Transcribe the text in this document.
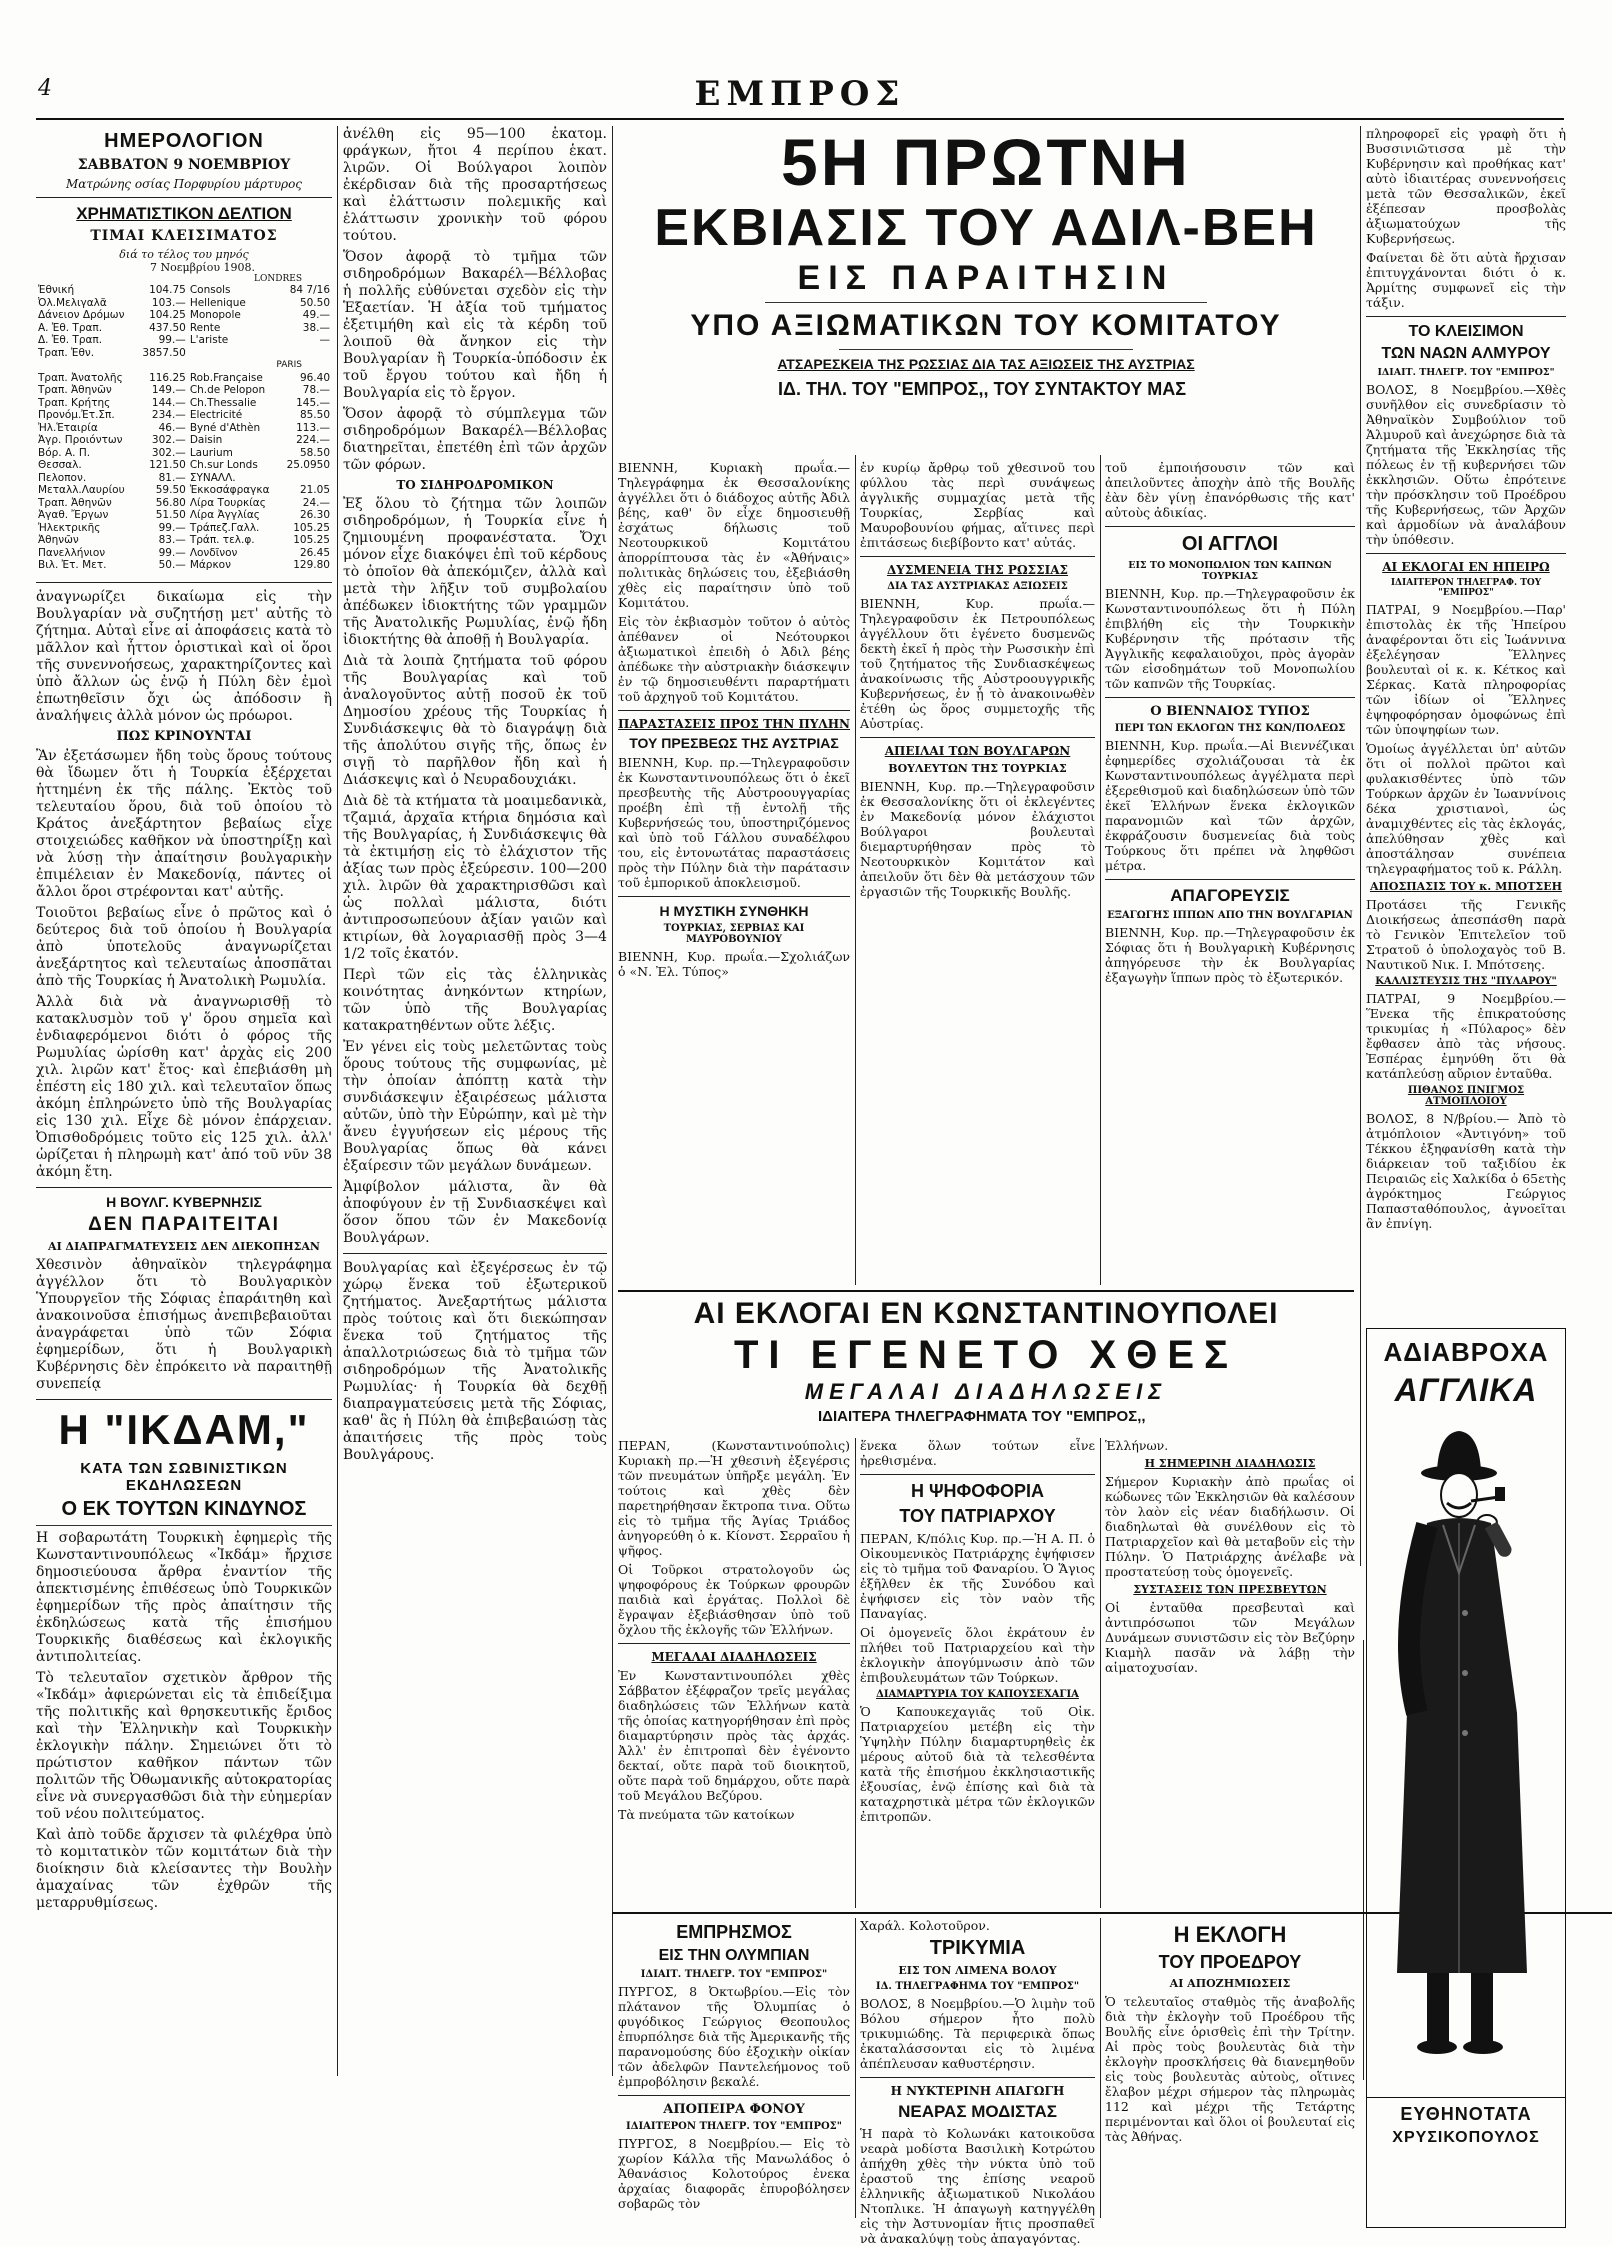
4	ΕΜΠΡΟΣ
ΗΜΕΡΟΛΟΓΙΟΝ
ΣΑΒΒΑΤΟΝ 9 ΝΟΕΜΒΡΙΟΥ
Ματρώνης οσίας Πορφυρίου μάρτυρος
ΧΡΗΜΑΤΙΣΤΙΚΟΝ ΔΕΛΤΙΟΝ
ΤΙΜΑΙ ΚΛΕΙΣΙΜΑΤΟΣ
διά το τέλος του μηνός
7 Νοεμβρίου 1908.
LONDRES
Ἐθνική	104.75	Consols	84 7/16
Ὀλ.Μελιγαλᾶ	103.—	Hellenique	50.50
Δάνειον Δρόμων	104.25	Monopole	49.—
Α. Ἐθ. Τραπ.	437.50	Rente	38.—
Δ. Ἐθ. Τραπ.	99.—	L'ariste	—
Τραπ. Ἐθν.	3857.50		
PARIS			
Τραπ. Ἀνατολῆς	116.25	Rob.Française	96.40
Τραπ. Ἀθηνῶν	149.—	Ch.de Pelopon	78.—
Τραπ. Κρήτης	144.—	Ch.Thessalie	145.—
Προνόμ.Ἐτ.Σπ.	234.—	Electricité	85.50
Ἠλ.Ἑταιρία	46.—	Byné d'Athèn	113.—
Ἀγρ. Προιόντων	302.—	Daisin	224.—
Βόρ. Α. Π.	302.—	Laurium	58.50
Θεσσαλ.	121.50	Ch.sur Londs	25.0950
Πελοπον.	81.—	ΣΥΝΑΛΛ.	
Μεταλλ.Λαυρίου	59.50	Ἐκκοσάφραγκα	21.05
Τραπ. Ἀθηνῶν	56.80	Λίρα Τουρκίας	24.—
Ἀγαθ. Ἔργων	51.50	Λίρα Ἀγγλίας	26.30
Ἠλεκτρικῆς	99.—	Τράπεζ.Γαλλ.	105.25
Ἀθηνῶν	83.—	Τράπ. τελ.φ.	105.25
Πανελλήνιον	99.—	Λονδῖνον	26.45
Βιλ. Ἐτ. Μετ.	50.—	Μάρκον	129.80

ἀναγνωρίζει δικαίωμα εἰς τὴν Βουλγαρίαν νὰ συζητήσῃ μετ' αὐτῆς τὸ ζήτημα. Αὐταὶ εἶνε αἱ ἀποφάσεις κατὰ τὸ μᾶλλον καὶ ἧττον ὁριστικαὶ καὶ οἱ ὅροι τῆς συνεννοήσεως, χαρακτηρίζοντες καὶ ὑπὸ ἄλλων ὡς ἐνῷ ἡ Πύλη δὲν ἐμοὶ ἐπωτηθεῖσιν ὄχι ὡς ἀπόδοσιν ἢ ἀναλήψεις ἀλλὰ μόνον ὡς πρόωροι.

ΠΩΣ ΚΡΙΝΟΥΝΤΑΙ

Ἂν ἐξετάσωμεν ἤδη τοὺς ὅρους τούτους θὰ ἴδωμεν ὅτι ἡ Τουρκία ἐξέρχεται ἡττημένη ἐκ τῆς πάλης. Ἐκτὸς τοῦ τελευταίου ὅρου, διὰ τοῦ ὁποίου τὸ Κράτος ἀνεξάρτητον βεβαίως εἶχε στοιχειώδες καθῆκον νὰ ὑποστηρίξῃ καὶ νὰ λύσῃ τὴν ἀπαίτησιν βουλγαρικὴν ἐπιμέλειαν ἐν Μακεδονίᾳ, πάντες οἱ ἄλλοι ὅροι στρέφονται κατ' αὐτῆς.

Τοιοῦτοι βεβαίως εἶνε ὁ πρῶτος καὶ ὁ δεύτερος διὰ τοῦ ὁποίου ἡ Βουλγαρία ἀπὸ ὑποτελοῦς ἀναγνωρίζεται ἀνεξάρτητος καὶ τελευταίως ἀποσπᾶται ἀπὸ τῆς Τουρκίας ἡ Ἀνατολικὴ Ρωμυλία.

Ἀλλὰ διὰ νὰ ἀναγνωρισθῇ τὸ κατακλυσμὸν τοῦ γ' ὅρου σημεῖα καὶ ἐνδιαφερόμενοι διότι ὁ φόρος τῆς Ρωμυλίας ὡρίσθη κατ' ἀρχὰς εἰς 200 χιλ. λιρῶν κατ' ἔτος· καὶ ἐπεβιάσθη μὴ ἐπέστη εἰς 180 χιλ. καὶ τελευταῖον ὅπως ἀκόμη ἐπληρώνετο ὑπὸ τῆς Βουλγαρίας εἰς 130 χιλ. Εἶχε δὲ μόνον ἐπάρχειαν. Ὀπισθοδρόμεις τοῦτο εἰς 125 χιλ. ἀλλ' ὡρίζεται ἡ πληρωμὴ κατ' ἀπό τοῦ νῦν 38 ἀκόμη ἔτη.

Η ΒΟΥΛΓ. ΚΥΒΕΡΝΗΣΙΣ
ΔΕΝ ΠΑΡΑΙΤΕΙΤΑΙ
ΑΙ ΔΙΑΠΡΑΓΜΑΤΕΥΣΕΙΣ ΔΕΝ ΔΙΕΚΟΠΗΣΑΝ

Χθεσινὸν ἀθηναϊκὸν τηλεγράφημα ἀγγέλλον ὅτι τὸ Βουλγαρικὸν Ὑπουργεῖον τῆς Σόφιας ἐπαράιτηθη καὶ ἀνακοινοῦσα ἐπισήμως ἀνεπιβεβαιοῦται ἀναγράφεται ὑπὸ τῶν Σόφια ἐφημερίδων, ὅτι ἡ Βουλγαρικὴ Κυβέρνησις δὲν ἐπρόκειτο νὰ παραιτηθῇ συνεπείᾳ

Η "ΙΚΔΑΜ,"
ΚΑΤΑ ΤΩΝ ΣΩΒΙΝΙΣΤΙΚΩΝ ΕΚΔΗΛΩΣΕΩΝ
Ο ΕΚ ΤΟΥΤΩΝ ΚΙΝΔΥΝΟΣ

Η σοβαρωτάτη Τουρκικὴ ἐφημερὶς τῆς Κωνσταντινουπόλεως «Ἰκδάμ» ἤρχισε δημοσιεύουσα ἄρθρα ἐναντίον τῆς ἀπεκτισμένης ἐπιθέσεως ὑπὸ Τουρκικῶν ἐφημερίδων τῆς πρὸς ἀπαίτησιν τῆς ἐκδηλώσεως κατὰ τῆς ἐπισήμου Τουρκικῆς διαθέσεως καὶ ἐκλογικῆς ἀντιπολιτείας.

Τὸ τελευταῖον σχετικὸν ἄρθρον τῆς «Ἰκδάμ» ἀφιερώνεται εἰς τὰ ἐπιδείξιμα τῆς πολιτικῆς καὶ θρησκευτικῆς ἔριδος καὶ τὴν Ἑλληνικὴν καὶ Τουρκικὴν ἐκλογικὴν πάλην. Σημειώνει ὅτι τὸ πρώτιστον καθῆκον πάντων τῶν πολιτῶν τῆς Ὀθωμανικῆς αὐτοκρατορίας εἶνε νὰ συνεργασθῶσι διὰ τὴν εὐημερίαν τοῦ νέου πολιτεύματος.

Καὶ ἀπὸ τοῦδε ἄρχισεν τὰ φιλέχθρα ὑπὸ τὸ κομιτατικὸν τῶν κομιτάτων διὰ τὴν διοίκησιν διὰ κλείσαντες τὴν Βουλὴν ἀμαχαίνας τῶν ἐχθρῶν τῆς μεταρρυθμίσεως.

ἀνέλθη εἰς 95—100 ἑκατομ. φράγκων, ἤτοι 4 περίπου ἑκατ. λιρῶν. Οἱ Βούλγαροι λοιπὸν ἐκέρδισαν διὰ τῆς προσαρτήσεως καὶ ἐλάττωσιν πολεμικῆς καὶ ἐλάττωσιν χρονικὴν τοῦ φόρου τούτου.

Ὅσον ἀφορᾷ τὸ τμῆμα τῶν σιδηροδρόμων Βακαρέλ—Βέλλοβας ἡ πολλῆς εὐθύνεται σχεδὸν εἰς τὴν Ἑξαετίαν. Ἡ ἀξία τοῦ τμήματος ἐξετιμήθη καὶ εἰς τὰ κέρδη τοῦ λοιποῦ θὰ ἄνηκον εἰς τὴν Βουλγαρίαν ἢ Τουρκία-ὑπόδοσιν ἐκ τοῦ ἔργου τούτου καὶ ἤδη ἡ Βουλγαρία εἰς τὸ ἔργον.

Ὅσον ἀφορᾷ τὸ σύμπλεγμα τῶν σιδηροδρόμων Βακαρέλ—Βέλλοβας διατηρεῖται, ἐπετέθη ἐπὶ τῶν ἀρχῶν τῶν φόρων.

ΤΟ ΣΙΔΗΡΟΔΡΟΜΙΚΟΝ

Ἐξ ὅλου τὸ ζήτημα τῶν λοιπῶν σιδηροδρόμων, ἡ Τουρκία εἶνε ἡ ζημιουμένη προφανέστατα. Ὄχι μόνον εἶχε διακόψει ἐπὶ τοῦ κέρδους τὸ ὁποῖον θὰ ἀπεκόμιζεν, ἀλλὰ καὶ μετὰ τὴν λῆξιν τοῦ συμβολαίου ἀπέδωκεν ἰδιοκτήτης τῶν γραμμῶν τῆς Ἀνατολικῆς Ρωμυλίας, ἐνῷ ἤδη ἰδιοκτήτης θὰ ἀποθῇ ἡ Βουλγαρία.

Διὰ τὰ λοιπὰ ζητήματα τοῦ φόρου τῆς Βουλγαρίας καὶ τοῦ ἀναλογοῦντος αὐτῇ ποσοῦ ἐκ τοῦ Δημοσίου χρέους τῆς Τουρκίας ἡ Συνδιάσκεψις θὰ τὸ διαγράψῃ διὰ τῆς ἀπολύτου σιγῆς τῆς, ὅπως ἐν σιγῇ τὸ παρῆλθον ἤδη καὶ ἡ Διάσκεψις καὶ ὁ Νευραδουχιάκι.

Διὰ δὲ τὰ κτήματα τὰ μοαιμεδανικὰ, τζαμιά, ἀρχαῖα κτήρια δημόσια καὶ τῆς Βουλγαρίας, ἡ Συνδιάσκεψις θὰ τὰ ἐκτιμήσῃ εἰς τὸ ἐλάχιστον τῆς ἀξίας των πρὸς ἐξεύρεσιν. 100—200 χιλ. λιρῶν θὰ χαρακτηρισθῶσι καὶ ὡς πολλαὶ μάλιστα, διότι ἀντιπροσωπεύουν ἀξίαν γαιῶν καὶ κτιρίων, θὰ λογαριασθῇ πρὸς 3—4 1/2 τοῖς ἑκατόν.

Περὶ τῶν εἰς τὰς ἑλληνικὰς κοινότητας ἀνηκόντων κτηρίων, τῶν ὑπὸ τῆς Βουλγαρίας κατακρατηθέντων οὔτε λέξις.

Ἐν γένει εἰς τοὺς μελετῶντας τοὺς ὅρους τούτους τῆς συμφωνίας, μὲ τὴν ὁποίαν ἀπόπτῃ κατὰ τὴν συνδιάσκεψιν ἐξαιρέσεως μάλιστα αὐτῶν, ὑπὸ τὴν Εὐρώπην, καὶ μὲ τὴν ἄνευ ἐγγυήσεων εἰς μέρους τῆς Βουλγαρίας ὅπως θὰ κάνει ἐξαίρεσιν τῶν μεγάλων δυνάμεων.

Ἀμφίβολον μάλιστα, ἂν θὰ ἀποφύγουν ἐν τῇ Συνδιασκέψει καὶ ὅσον ὅπου τῶν ἐν Μακεδονίᾳ Βουλγάρων.

Βουλγαρίας καὶ ἐξεγέρσεως ἐν τῷ χώρῳ ἕνεκα τοῦ ἐξωτερικοῦ ζητήματος. Ἀνεξαρτήτως μάλιστα πρὸς τούτοις καὶ ὅτι διεκώπησαν ἕνεκα τοῦ ζητήματος τῆς ἀπαλλοτριώσεως διὰ τὸ τμῆμα τῶν σιδηροδρόμων τῆς Ἀνατολικῆς Ρωμυλίας· ἡ Τουρκία θὰ δεχθῇ διαπραγματεύσεις μετὰ τῆς Σόφιας, καθ' ἃς ἡ Πύλη θὰ ἐπιβεβαιώσῃ τὰς ἀπαιτήσεις τῆς πρὸς τοὺς Βουλγάρους.

5Η ΠΡΩΤΝΗ
ΕΚΒΙΑΣΙΣ ΤΟΥ ΑΔΙΛ-ΒΕΗ
ΕΙΣ ΠΑΡΑΙΤΗΣΙΝ
ΥΠΟ ΑΞΙΩΜΑΤΙΚΩΝ ΤΟΥ ΚΟΜΙΤΑΤΟΥ
ΑΤΣΑΡΕΣΚΕΙΑ ΤΗΣ ΡΩΣΣΙΑΣ ΔΙΑ ΤΑΣ ΑΞΙΩΣΕΙΣ ΤΗΣ ΑΥΣΤΡΙΑΣ
ΙΔ. ΤΗΛ. ΤΟΥ "ΕΜΠΡΟΣ,, ΤΟΥ ΣΥΝΤΑΚΤΟΥ ΜΑΣ

ΒΙΕΝΝΗ, Κυριακὴ πρωΐα.—Τηλεγράφημα ἐκ Θεσσαλονίκης ἀγγέλλει ὅτι ὁ διάδοχος αὐτῆς Ἀδιλ βέης, καθ' ὃν εἶχε δημοσιευθῇ ἐσχάτως δήλωσις τοῦ Νεοτουρκικοῦ Κομιτάτου ἀπορρίπτουσα τὰς ἐν «Ἀθήναις» πολιτικὰς δηλώσεις του, ἐξεβιάσθη χθὲς εἰς παραίτησιν ὑπὸ τοῦ Κομιτάτου.

Εἰς τὸν ἐκβιασμὸν τοῦτον ὁ αὐτὸς ἀπέθανεν οἱ Νεότουρκοι ἀξιωματικοὶ ἐπειδὴ ὁ Ἀδιλ βέης ἀπέδωκε τὴν αὐστριακὴν διάσκεψιν ἐν τῷ δημοσιευθέντι παραρτήματι τοῦ ἀρχηγοῦ τοῦ Κομιτάτου.

ΠΑΡΑΣΤΑΣΕΙΣ ΠΡΟΣ ΤΗΝ ΠΥΛΗΝ
ΤΟΥ ΠΡΕΣΒΕΩΣ ΤΗΣ ΑΥΣΤΡΙΑΣ

ΒΙΕΝΝΗ, Κυρ. πρ.—Τηλεγραφοῦσιν ἐκ Κωνσταντινουπόλεως ὅτι ὁ ἐκεῖ πρεσβευτὴς τῆς Αὐστροουγγαρίας προέβη ἐπὶ τῇ ἐντολῇ τῆς Κυβερνήσεώς του, ὑποστηριζόμενος καὶ ὑπὸ τοῦ Γάλλου συναδέλφου του, εἰς ἐντονωτάτας παραστάσεις πρὸς τὴν Πύλην διὰ τὴν παράτασιν τοῦ ἐμπορικοῦ ἀποκλεισμοῦ.

Η ΜΥΣΤΙΚΗ ΣΥΝΘΗΚΗ
ΤΟΥΡΚΙΑΣ, ΣΕΡΒΙΑΣ ΚΑΙ ΜΑΥΡΟΒΟΥΝΙΟΥ

ΒΙΕΝΝΗ, Κυρ. πρωΐα.—Σχολιάζων ὁ «Ν. Ἐλ. Τύπος»

ἐν κυρίῳ ἄρθρῳ τοῦ χθεσινοῦ του φύλλου τὰς περὶ συνάψεως ἀγγλικῆς συμμαχίας μετὰ τῆς Τουρκίας, Σερβίας καὶ Μαυροβουνίου φήμας, αἵτινες περὶ ἐπιτάσεως διεβίβοντο κατ' αὐτάς.

ΔΥΣΜΕΝΕΙΑ ΤΗΣ ΡΩΣΣΙΑΣ
ΔΙΑ ΤΑΣ ΑΥΣΤΡΙΑΚΑΣ ΑΞΙΩΣΕΙΣ

ΒΙΕΝΝΗ, Κυρ. πρωΐα.—Τηλεγραφοῦσιν ἐκ Πετρουπόλεως ἀγγέλλουν ὅτι ἐγένετο δυσμενῶς δεκτὴ ἐκεῖ ἡ πρὸς τὴν Ρωσσικὴν ἐπὶ τοῦ ζητήματος τῆς Συνδιασκέψεως ἀνακοίνωσις τῆς Αὐστροουγγρικῆς Κυβερνήσεως, ἐν ᾗ τὸ ἀνακοινωθὲν ἐτέθη ὡς ὅρος συμμετοχῆς τῆς Αὐστρίας.

ΑΠΕΙΛΑΙ ΤΩΝ ΒΟΥΛΓΑΡΩΝ
ΒΟΥΛΕΥΤΩΝ ΤΗΣ ΤΟΥΡΚΙΑΣ

ΒΙΕΝΝΗ, Κυρ. πρ.—Τηλεγραφοῦσιν ἐκ Θεσσαλονίκης ὅτι οἱ ἐκλεγέντες ἐν Μακεδονίᾳ μόνον ἐλάχιστοι Βούλγαροι βουλευταὶ διεμαρτυρήθησαν πρὸς τὸ Νεοτουρκικὸν Κομιτάτον καὶ ἀπειλοῦν ὅτι δὲν θὰ μετάσχουν τῶν ἐργασιῶν τῆς Τουρκικῆς Βουλῆς.

τοῦ ἐμποιήσουσιν τῶν καὶ ἀπειλοῦντες ἀποχὴν ἀπὸ τῆς Βουλῆς ἐὰν δὲν γίνῃ ἐπανόρθωσις τῆς κατ' αὐτοὺς ἀδικίας.

ΟΙ ΑΓΓΛΟΙ
ΕΙΣ ΤΟ ΜΟΝΟΠΩΛΙΟΝ ΤΩΝ ΚΑΠΝΩΝ ΤΟΥΡΚΙΑΣ

ΒΙΕΝΝΗ, Κυρ. πρ.—Τηλεγραφοῦσιν ἐκ Κωνσταντινουπόλεως ὅτι ἡ Πύλη ἐπιβλήθη εἰς τὴν Τουρκικὴν Κυβέρνησιν τῆς πρότασιν τῆς Ἀγγλικῆς κεφαλαιοῦχοι, πρὸς ἀγορὰν τῶν εἰσοδημάτων τοῦ Μονοπωλίου τῶν καπνῶν τῆς Τουρκίας.

Ο ΒΙΕΝΝΑΙΟΣ ΤΥΠΟΣ
ΠΕΡΙ ΤΩΝ ΕΚΛΟΓΩΝ ΤΗΣ ΚΩΝ/ΠΟΛΕΩΣ

ΒΙΕΝΝΗ, Κυρ. πρωΐα.—Αἱ Βιεννέζικαι ἐφημερίδες σχολιάζουσαι τὰ ἐκ Κωνσταντινουπόλεως ἀγγέλματα περὶ ἐξερεθισμοῦ καὶ διαδηλώσεων ὑπὸ τῶν ἐκεῖ Ἑλλήνων ἕνεκα ἐκλογικῶν παρανομιῶν καὶ τῶν ἀρχῶν, ἐκφράζουσιν δυσμενείας διὰ τοὺς Τούρκους ὅτι πρέπει νὰ ληφθῶσι μέτρα.

ΑΠΑΓΟΡΕΥΣΙΣ
ΕΞΑΓΩΓΗΣ ΙΠΠΩΝ ΑΠΟ ΤΗΝ ΒΟΥΛΓΑΡΙΑΝ

ΒΙΕΝΝΗ, Κυρ. πρ.—Τηλεγραφοῦσιν ἐκ Σόφιας ὅτι ἡ Βουλγαρικὴ Κυβέρνησις ἀπηγόρευσε τὴν ἐκ Βουλγαρίας ἐξαγωγὴν ἵππων πρὸς τὸ ἐξωτερικόν.

ΑΙ ΕΚΛΟΓΑΙ ΕΝ ΚΩΝΣΤΑΝΤΙΝΟΥΠΟΛΕΙ
ΤΙ ΕΓΕΝΕΤΟ ΧΘΕΣ
ΜΕΓΑΛΑΙ ΔΙΑΔΗΛΩΣΕΙΣ
ΙΔΙΑΙΤΕΡΑ ΤΗΛΕΓΡΑΦΗΜΑΤΑ ΤΟΥ "ΕΜΠΡΟΣ,,

ΠΕΡΑΝ, (Κωνσταντινούπολις) Κυριακὴ πρ.—Ἡ χθεσινὴ ἐξεγέρσις τῶν πνευμάτων ὑπῆρξε μεγάλη. Ἐν τούτοις καὶ χθὲς δὲν παρετηρήθησαν ἔκτροπα τινα. Οὕτω εἰς τὸ τμῆμα τῆς Ἁγίας Τριάδος ἀνηγορεύθη ὁ κ. Κίονστ. Σερραῖου ἡ ψῆφος.

Οἱ Τοῦρκοι στρατολογοῦν ὡς ψηφοφόρους ἐκ Τούρκων φρουρῶν παιδιὰ καὶ ἐργάτας. Πολλοὶ δὲ ἔγραψαν ἐξεβιάσθησαν ὑπὸ τοῦ ὄχλου τῆς ἐκλογῆς τῶν Ἑλλήνων.

ΜΕΓΑΛΑΙ ΔΙΑΔΗΛΩΣΕΙΣ

Ἐν Κωνσταντινουπόλει χθὲς Σάββατον ἐξέφραζον τρεῖς μεγάλας διαδηλώσεις τῶν Ἑλλήνων κατὰ τῆς ὁποίας κατηγορήθησαν ἐπὶ πρὸς διαμαρτύρησιν πρὸς τὰς ἀρχάς. Ἀλλ' ἐν ἐπιτροπαὶ δὲν ἐγένοντο δεκταί, οὔτε παρὰ τοῦ διοικητοῦ, οὔτε παρὰ τοῦ δημάρχου, οὔτε παρὰ τοῦ Μεγάλου Βεζύρου.

Τὰ πνεύματα τῶν κατοίκων

ἕνεκα ὅλων τούτων εἶνε ἠρεθισμένα.

Η ΨΗΦΟΦΟΡΙΑ
ΤΟΥ ΠΑΤΡΙΑΡΧΟΥ

ΠΕΡΑΝ, Κ/πόλις Κυρ. πρ.—Ἡ Α. Π. ὁ Οἰκουμενικὸς Πατριάρχης ἐψήφισεν εἰς τὸ τμῆμα τοῦ Φαναρίου. Ὁ Ἅγιος ἐξῆλθεν ἐκ τῆς Συνόδου καὶ ἐψήφισεν εἰς τὸν ναὸν τῆς Παναγίας.

Οἱ ὁμογενεῖς ὅλοι ἐκράτουν ἐν πλήθει τοῦ Πατριαρχείου καὶ τὴν ἐκλογικὴν ἀπογύμνωσιν ἀπὸ τῶν ἐπιβουλευμάτων τῶν Τούρκων.

ΔΙΑΜΑΡΤΥΡΙΑ ΤΟΥ ΚΑΠΟΥΣΕΧΑΓΙΑ

Ὁ Καπουκεχαγιᾶς τοῦ Οἰκ. Πατριαρχείου μετέβη εἰς τὴν Ὑψηλὴν Πύλην διαμαρτυρηθεὶς ἐκ μέρους αὐτοῦ διὰ τὰ τελεσθέντα κατὰ τῆς ἐπισήμου ἐκκλησιαστικῆς ἐξουσίας, ἐνῷ ἐπίσης καὶ διὰ τὰ καταχρηστικὰ μέτρα τῶν ἐκλογικῶν ἐπιτροπῶν.

Ἑλλήνων.

Η ΣΗΜΕΡΙΝΗ ΔΙΑΔΗΛΩΣΙΣ

Σήμερον Κυριακὴν ἀπὸ πρωΐας οἱ κώδωνες τῶν Ἐκκλησιῶν θὰ καλέσουν τὸν λαὸν εἰς νέαν διαδήλωσιν. Οἱ διαδηλωταὶ θὰ συνέλθουν εἰς τὸ Πατριαρχεῖον καὶ θὰ μεταβοῦν εἰς τὴν Πύλην. Ὁ Πατριάρχης ἀνέλαβε νὰ προστατεύσῃ τοὺς ὁμογενεῖς.

ΣΥΣΤΑΣΕΙΣ ΤΩΝ ΠΡΕΣΒΕΥΤΩΝ

Οἱ ἐνταῦθα πρεσβευταὶ καὶ ἀντιπρόσωποι τῶν Μεγάλων Δυνάμεων συνιστῶσιν εἰς τὸν Βεζύρην Κιαμὴλ πασᾶν νὰ λάβῃ τὴν αἱματοχυσίαν.

ΕΜΠΡΗΣΜΟΣ
ΕΙΣ ΤΗΝ ΟΛΥΜΠΙΑΝ
ΙΔΙΑΙΤ. ΤΗΛΕΓΡ. ΤΟΥ "ΕΜΠΡΟΣ"

ΠΥΡΓΟΣ, 8 Ὀκτωβρίου.—Εἰς τὸν πλάτανον τῆς Ὀλυμπίας ὁ φυγόδικος Γεώργιος Θεοπουλος ἐπυρπόλησε διὰ τῆς Ἀμερικανῆς τῆς παρανομούσης δύο ἐξοχικὴν οἰκίαν τῶν ἀδελφῶν Παντελεήμονος τοῦ ἐμπροβόλησιν βεκαλέ.

ΑΠΟΠΕΙΡΑ ΦΟΝΟΥ
ΙΔΙΑΙΤΕΡΟΝ ΤΗΛΕΓΡ. ΤΟΥ "ΕΜΠΡΟΣ"

ΠΥΡΓΟΣ, 8 Νοεμβρίου.— Εἰς τὸ χωρίον Κάλλα τῆς Μανωλάδος ὁ Ἀθανάσιος Κολοτούρος ἐνεκα ἀρχαίας διαφορᾶς ἐπυροβόλησεν σοβαρῶς τὸν

Χαράλ. Κολοτοῦρον.

ΤΡΙΚΥΜΙΑ
ΕΙΣ ΤΟΝ ΛΙΜΕΝΑ ΒΟΛΟΥ
ΙΔ. ΤΗΛΕΓΡΑΦΗΜΑ ΤΟΥ "ΕΜΠΡΟΣ"

ΒΟΛΟΣ, 8 Νοεμβρίου.—Ὁ λιμὴν τοῦ Βόλου σήμερον ἦτο πολὺ τρικυμιώδης. Τὰ περιφερικὰ ὅπως ἐκαταλάσσονται εἰς τὸ λιμένα ἀπέπλευσαν καθυστέρησιν.

Η ΝΥΚΤΕΡΙΝΗ ΑΠΑΓΩΓΗ
ΝΕΑΡΑΣ ΜΟΔΙΣΤΑΣ

Ἡ παρὰ τὸ Κολωνάκι κατοικοῦσα νεαρὰ μοδίστα Βασιλικὴ Κοτρώτου ἀπήχθη χθὲς τὴν νύκτα ὑπὸ τοῦ ἐραστοῦ της ἐπίσης νεαροῦ ἑλληνικῆς ἀξιωματικοῦ Νικολάου Ντοπλικε. Ἡ ἀπαγωγὴ κατηγγέλθη εἰς τὴν Ἀστυνομίαν ἥτις προσπαθεῖ νὰ ἀνακαλύψῃ τοὺς ἀπαγαγόντας.

Η ΕΚΛΟΓΗ
ΤΟΥ ΠΡΟΕΔΡΟΥ
ΑΙ ΑΠΟΖΗΜΙΩΣΕΙΣ

Ὁ τελευταῖος σταθμὸς τῆς ἀναβολῆς διὰ τὴν ἐκλογὴν τοῦ Προέδρου τῆς Βουλῆς εἶνε ὁρισθεὶς ἐπὶ τὴν Τρίτην. Αἱ πρὸς τοὺς βουλευτὰς διὰ τὴν ἐκλογὴν προσκλήσεις θὰ διανεμηθοῦν εἰς τοὺς βουλευτὰς αὐτοὺς, οἵτινες ἔλαβον μέχρι σήμερον τὰς πληρωμὰς 112 καὶ μέχρι τῆς Τετάρτης περιμένονται καὶ ὅλοι οἱ βουλευταί εἰς τὰς Ἀθήνας.

πληροφορεῖ εἰς γραφὴ ὅτι ἡ Βυσσινιῶτισσα μὲ τὴν Κυβέρνησιν καὶ προθήκας κατ' αὐτὸ ἰδιαιτέρας συνεννοήσεις μετὰ τῶν Θεσσαλικῶν, ἐκεῖ ἐξέπεσαν προσβολὰς ἀξιωματούχων τῆς Κυβερνήσεως.

Φαίνεται δὲ ὅτι αὐτὰ ἤρχισαν ἐπιτυγχάνονται διότι ὁ κ. Ἀρμίτης συμφωνεῖ εἰς τὴν τάξιν.

ΤΟ ΚΛΕΙΣΙΜΟΝ
ΤΩΝ ΝΑΩΝ ΑΛΜΥΡΟΥ
ΙΔΙΑΙΤ. ΤΗΛΕΓΡ. ΤΟΥ "ΕΜΠΡΟΣ"

ΒΟΛΟΣ, 8 Νοεμβρίου.—Χθὲς συνῆλθον εἰς συνεδρίασιν τὸ Ἀθηναϊκὸν Συμβούλιον τοῦ Ἁλμυροῦ καὶ ἀνεχώρησε διὰ τὰ ζητήματα τῆς Ἐκκλησίας τῆς πόλεως ἐν τῇ κυβερνήσει τῶν ἐκκλησιῶν. Οὕτω ἐπρότεινε τὴν πρόσκλησιν τοῦ Προέδρου τῆς Κυβερνήσεως, τῶν Ἀρχῶν καὶ ἁρμοδίων νὰ ἀναλάβουν τὴν ὑπόθεσιν.

ΑΙ ΕΚΛΟΓΑΙ ΕΝ ΗΠΕΙΡΩ
ΙΔΙΑΙΤΕΡΟΝ ΤΗΛΕΓΡΑΦ. ΤΟΥ "ΕΜΠΡΟΣ"

ΠΑΤΡΑΙ, 9 Νοεμβρίου.—Παρ' ἐπιστολὰς ἐκ τῆς Ἠπείρου ἀναφέρονται ὅτι εἰς Ἰωάννινα ἐξελέγησαν Ἕλληνες βουλευταὶ οἱ κ. κ. Κέτκος καὶ Σέρκας. Κατὰ πληροφορίας τῶν ἰδίων οἱ Ἕλληνες ἐψηφοφόρησαν ὁμοφώνως ἐπὶ τῶν ὑποψηφίων των.

Ὁμοίως ἀγγέλλεται ὑπ' αὐτῶν ὅτι οἱ πολλοὶ πρῶτοι καὶ φυλακισθέντες ὑπὸ τῶν Τούρκων ἀρχῶν ἐν Ἰωαννίνοις δέκα χριστιανοὶ, ὡς ἀναμιχθέντες εἰς τὰς ἐκλογάς, ἀπελύθησαν χθὲς καὶ ἀποστάλησαν συνέπεια τηλεγραφήματος τοῦ κ. Ράλλη.

ΑΠΟΣΠΑΣΙΣ ΤΟΥ κ. ΜΠΟΤΣΕΗ

Προτάσει τῆς Γενικῆς Διοικήσεως ἀπεσπάσθη παρὰ τὸ Γενικὸν Ἐπιτελεῖον τοῦ Στρατοῦ ὁ ὑπολοχαγὸς τοῦ Β. Ναυτικοῦ Νικ. Ι. Μπότσεης.

ΚΑΛΛΙΣΤΕΥΣΙΣ ΤΗΣ "ΠΥΛΑΡΟΥ"

ΠΑΤΡΑΙ, 9 Νοεμβρίου.— Ἕνεκα τῆς ἐπικρατούσης τρικυμίας ἡ «Πύλαρος» δὲν ἔφθασεν ἀπὸ τὰς νήσους. Ἐσπέρας ἐμηνύθη ὅτι θὰ κατάπλεύσῃ αὔριον ἐνταῦθα.

ΠΙΘΑΝΟΣ ΠΝΙΓΜΟΣ ΑΤΜΟΠΛΟΙΟΥ

ΒΟΛΟΣ, 8 Ν/βρίου.— Ἀπὸ τὸ ἀτμόπλοιον «Ἀντιγόνη» τοῦ Τέκκου ἐξηφανίσθη κατὰ τὴν διάρκειαν τοῦ ταξιδίου ἐκ Πειραιῶς εἰς Χαλκίδα ὁ 65ετὴς ἀγρόκτημος Γεώργιος Παπασταθόπουλος, ἀγνοεῖται ἂν ἐπνίγη.

ΑΔΙΑΒΡΟΧΑ
ΑΓΓΛΙΚΑ
ΕΥΘΗΝΟΤΑΤΑ
ΧΡΥΣΙΚΟΠΟΥΛΟΣ
